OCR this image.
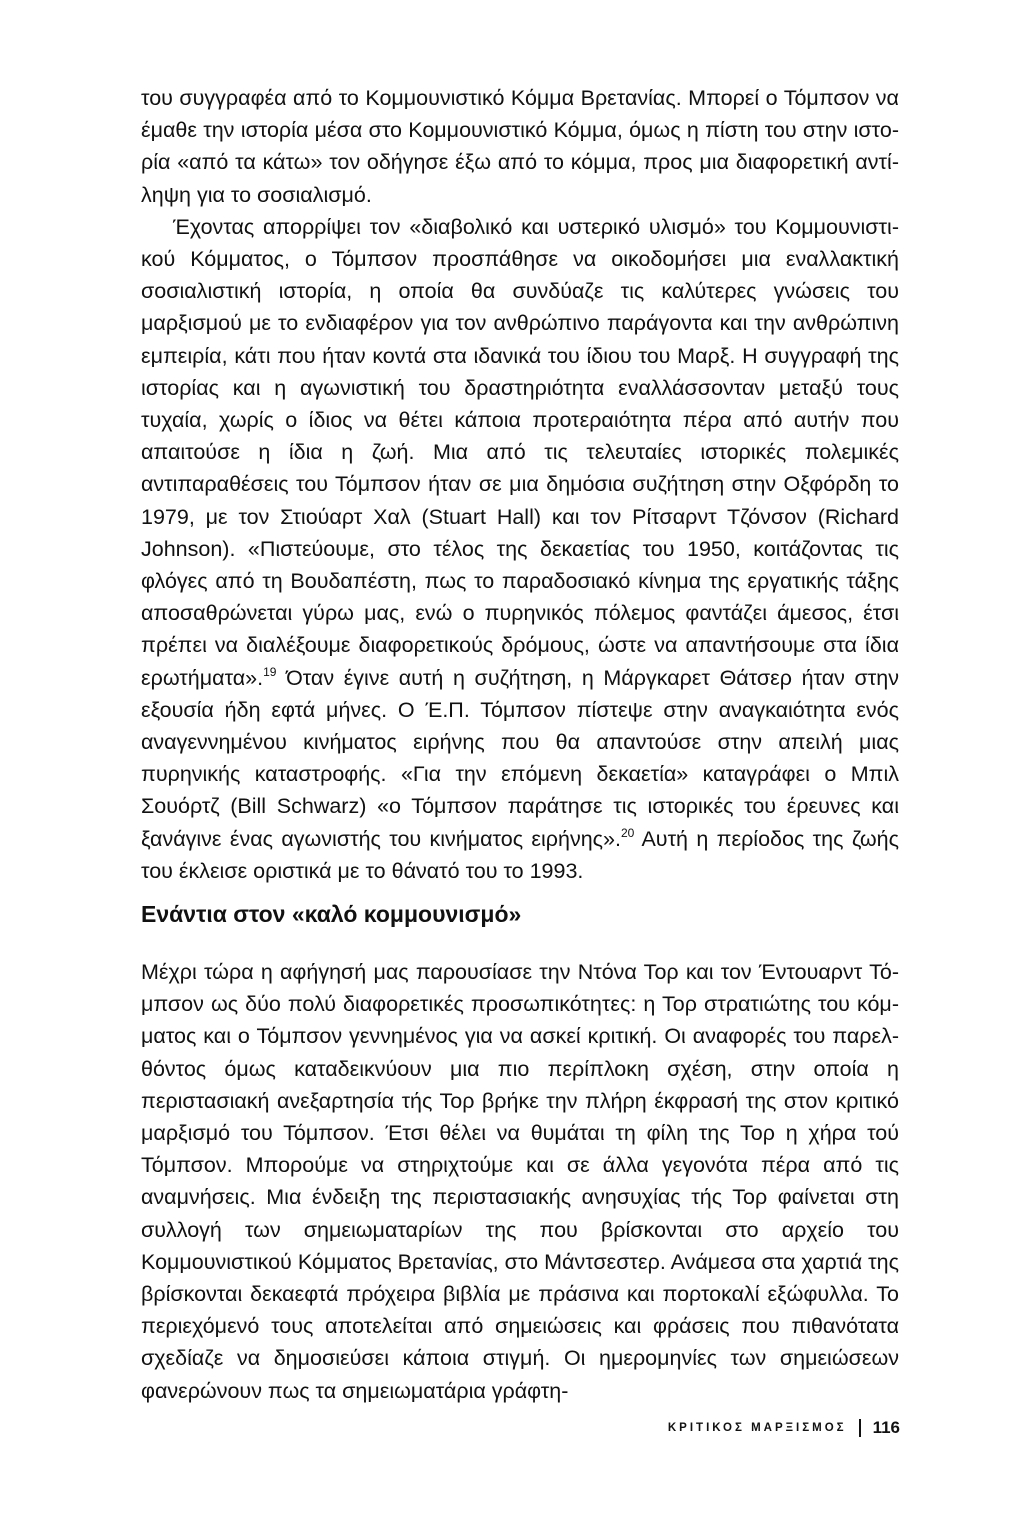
του συγγραφέα από το Κομμουνιστικό Κόμμα Βρετανίας. Μπορεί ο Τόμπσον να έμαθε την ιστορία μέσα στο Κομμουνιστικό Κόμμα, όμως η πίστη του στην ιστορία «από τα κάτω» τον οδήγησε έξω από το κόμμα, προς μια διαφορετική αντίληψη για το σοσιαλισμό.

Έχοντας απορρίψει τον «διαβολικό και υστερικό υλισμό» του Κομμουνιστικού Κόμματος, ο Τόμπσον προσπάθησε να οικοδομήσει μια εναλλακτική σοσιαλιστική ιστορία, η οποία θα συνδύαζε τις καλύτερες γνώσεις του μαρξισμού με το ενδιαφέρον για τον ανθρώπινο παράγοντα και την ανθρώπινη εμπειρία, κάτι που ήταν κοντά στα ιδανικά του ίδιου του Μαρξ. Η συγγραφή της ιστορίας και η αγωνιστική του δραστηριότητα εναλλάσσονταν μεταξύ τους τυχαία, χωρίς ο ίδιος να θέτει κάποια προτεραιότητα πέρα από αυτήν που απαιτούσε η ίδια η ζωή. Μια από τις τελευταίες ιστορικές πολεμικές αντιπαραθέσεις του Τόμπσον ήταν σε μια δημόσια συζήτηση στην Οξφόρδη το 1979, με τον Στιούαρτ Χαλ (Stuart Hall) και τον Ρίτσαρντ Τζόνσον (Richard Johnson). «Πιστεύουμε, στο τέλος της δεκαετίας του 1950, κοιτάζοντας τις φλόγες από τη Βουδαπέστη, πως το παραδοσιακό κίνημα της εργατικής τάξης αποσαθρώνεται γύρω μας, ενώ ο πυρηνικός πόλεμος φαντάζει άμεσος, έτσι πρέπει να διαλέξουμε διαφορετικούς δρόμους, ώστε να απαντήσουμε στα ίδια ερωτήματα».$^{19}$ Όταν έγινε αυτή η συζήτηση, η Μάργκαρετ Θάτσερ ήταν στην εξουσία ήδη εφτά μήνες. Ο Έ.Π. Τόμπσον πίστεψε στην αναγκαιότητα ενός αναγεννημένου κινήματος ειρήνης που θα απαντούσε στην απειλή μιας πυρηνικής καταστροφής. «Για την επόμενη δεκαετία» καταγράφει ο Μπιλ Σουόρτζ (Bill Schwarz) «ο Τόμπσον παράτησε τις ιστορικές του έρευνες και ξανάγινε ένας αγωνιστής του κινήματος ειρήνης».$^{20}$ Αυτή η περίοδος της ζωής του έκλεισε οριστικά με το θάνατό του το 1993.

Ενάντια στον «καλό κομμουνισμό»

Μέχρι τώρα η αφήγησή μας παρουσίασε την Ντόνα Τορ και τον Έντουαρντ Τόμπσον ως δύο πολύ διαφορετικές προσωπικότητες: η Τορ στρατιώτης του κόμματος και ο Τόμπσον γεννημένος για να ασκεί κριτική. Οι αναφορές του παρελθόντος όμως καταδεικνύουν μια πιο περίπλοκη σχέση, στην οποία η περιστασιακή ανεξαρτησία τής Τορ βρήκε την πλήρη έκφρασή της στον κριτικό μαρξισμό του Τόμπσον. Έτσι θέλει να θυμάται τη φίλη της Τορ η χήρα τού Τόμπσον. Μπορούμε να στηριχτούμε και σε άλλα γεγονότα πέρα από τις αναμνήσεις. Μια ένδειξη της περιστασιακής ανησυχίας τής Τορ φαίνεται στη συλλογή των σημειωματαρίων της που βρίσκονται στο αρχείο του Κομμουνιστικού Κόμματος Βρετανίας, στο Μάντσεστερ. Ανάμεσα στα χαρτιά της βρίσκονται δεκαεφτά πρόχειρα βιβλία με πράσινα και πορτοκαλί εξώφυλλα. Το περιεχόμενό τους αποτελείται από σημειώσεις και φράσεις που πιθανότατα σχεδίαζε να δημοσιεύσει κάποια στιγμή. Οι ημερομηνίες των σημειώσεων φανερώνουν πως τα σημειωματάρια γράφτη-

ΚΡΙΤΙΚΟΣ ΜΑΡΞΙΣΜΟΣ 116
